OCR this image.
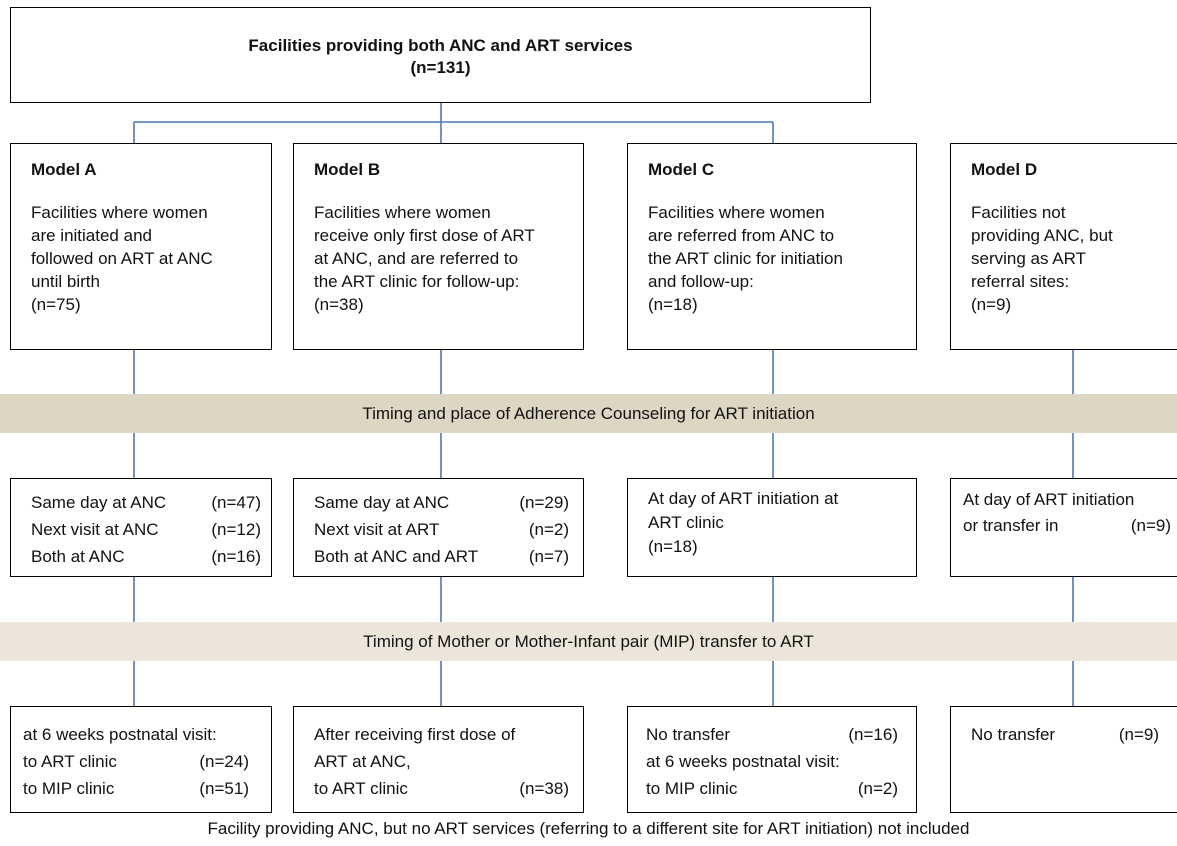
Facilities providing both ANC and ART services
(n=131)
Model A
Facilities where women
are initiated and
followed on ART at ANC
until birth
(n=75)
Model B
Facilities where women
receive only first dose of ART
at ANC, and are referred to
the ART clinic for follow-up:
(n=38)
Model C
Facilities where women
are referred from ANC to
the ART clinic for initiation
and follow-up:
(n=18)
Model D
Facilities not
providing ANC, but
serving as ART
referral sites:
(n=9)
Timing and place of Adherence Counseling for ART initiation
Same day at ANC	(n=47)
Next visit at ANC	(n=12)
Both at ANC	(n=16)
Same day at ANC	(n=29)
Next visit at ART	(n=2)
Both at ANC and ART	(n=7)
At day of ART initiation at
ART clinic
(n=18)
At day of ART initiation
or transfer in	(n=9)
Timing of Mother or Mother-Infant pair (MIP) transfer to ART
at 6 weeks postnatal visit:
to ART clinic	(n=24)
to MIP clinic	(n=51)
After receiving first dose of
ART at ANC,
to ART clinic	(n=38)
No transfer	(n=16)
at 6 weeks postnatal visit:
to MIP clinic	(n=2)
No transfer	(n=9)
Facility providing ANC, but no ART services (referring to a different site for ART initiation) not included
